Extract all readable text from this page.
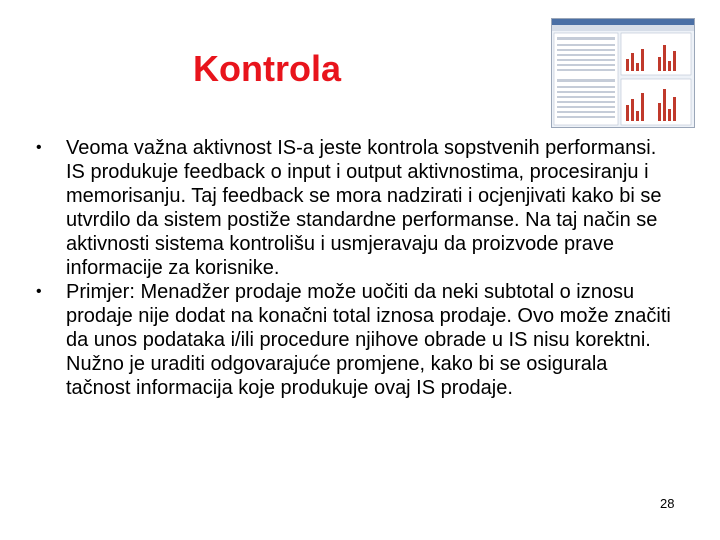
Kontrola
•	Veoma važna aktivnost IS-a jeste kontrola sopstvenih performansi. IS produkuje feedback o input i output aktivnostima, procesiranju i memorisanju. Taj feedback se mora nadzirati i ocjenjivati kako bi se utvrdilo da sistem postiže standardne performanse. Na taj način se aktivnosti sistema kontrolišu i usmjeravaju da proizvode prave informacije za korisnike.
•	Primjer: Menadžer prodaje može uočiti da neki subtotal o iznosu prodaje nije dodat na konačni total iznosa prodaje. Ovo može značiti da unos podataka i/ili procedure njihove obrade u IS nisu korektni. Nužno je uraditi odgovarajuće promjene, kako bi se osigurala tačnost informacija koje produkuje ovaj IS prodaje.
28
